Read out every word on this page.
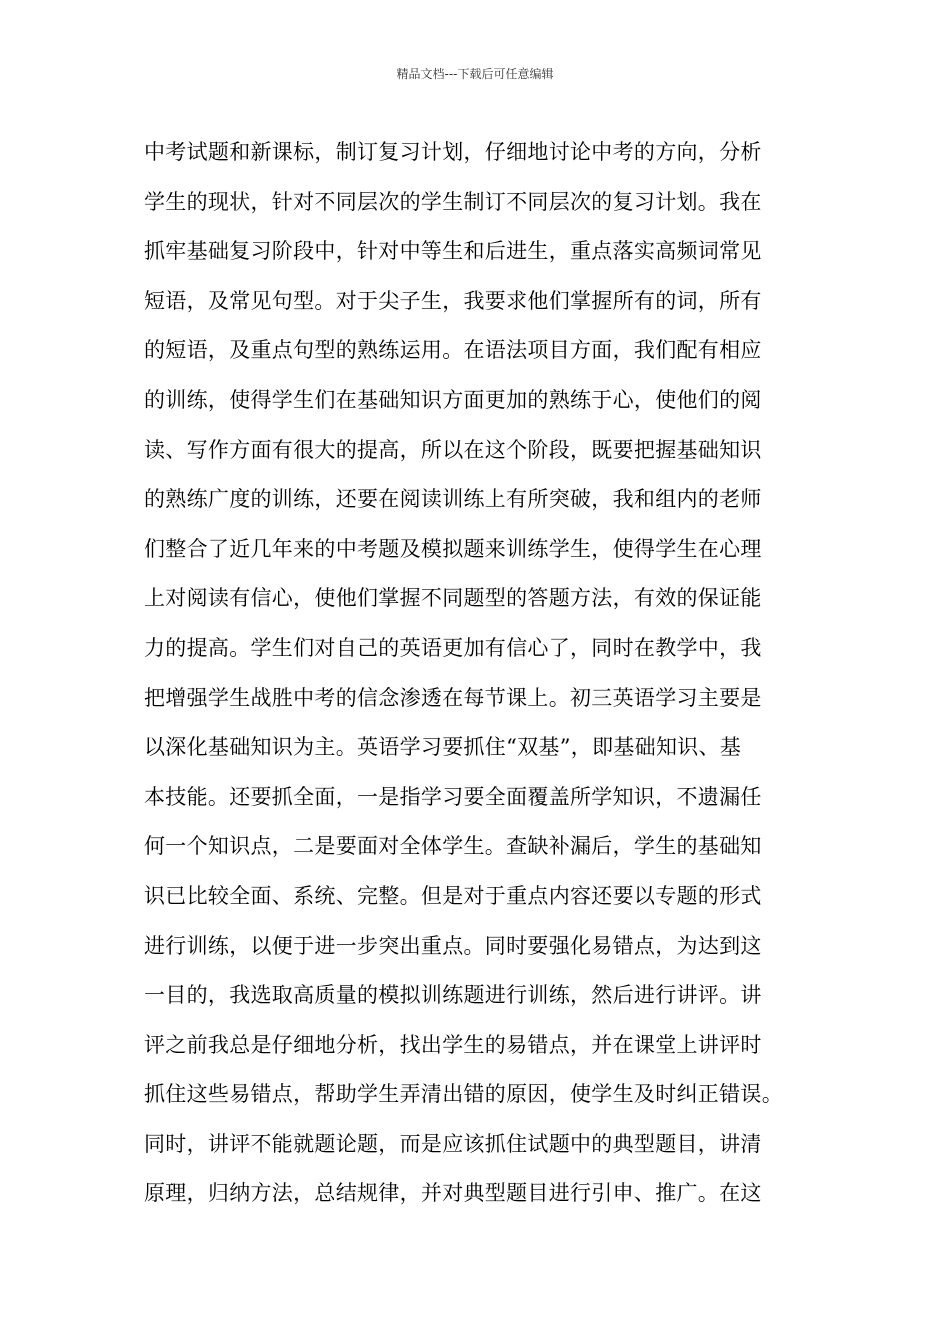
精品文档---下载后可任意编辑
中考试题和新课标，制订复习计划，仔细地讨论中考的方向，分析
学生的现状，针对不同层次的学生制订不同层次的复习计划。我在
抓牢基础复习阶段中，针对中等生和后进生，重点落实高频词常见
短语，及常见句型。对于尖子生，我要求他们掌握所有的词，所有
的短语，及重点句型的熟练运用。在语法项目方面，我们配有相应
的训练，使得学生们在基础知识方面更加的熟练于心，使他们的阅
读、写作方面有很大的提高，所以在这个阶段，既要把握基础知识
的熟练广度的训练，还要在阅读训练上有所突破，我和组内的老师
们整合了近几年来的中考题及模拟题来训练学生，使得学生在心理
上对阅读有信心，使他们掌握不同题型的答题方法，有效的保证能
力的提高。学生们对自己的英语更加有信心了，同时在教学中，我
把增强学生战胜中考的信念渗透在每节课上。初三英语学习主要是
以深化基础知识为主。英语学习要抓住“双基”，即基础知识、基
本技能。还要抓全面，一是指学习要全面覆盖所学知识，不遗漏任
何一个知识点，二是要面对全体学生。查缺补漏后，学生的基础知
识已比较全面、系统、完整。但是对于重点内容还要以专题的形式
进行训练，以便于进一步突出重点。同时要强化易错点，为达到这
一目的，我选取高质量的模拟训练题进行训练，然后进行讲评。讲
评之前我总是仔细地分析，找出学生的易错点，并在课堂上讲评时
抓住这些易错点，帮助学生弄清出错的原因，使学生及时纠正错误。
同时，讲评不能就题论题，而是应该抓住试题中的典型题目，讲清
原理，归纳方法，总结规律，并对典型题目进行引申、推广。在这
